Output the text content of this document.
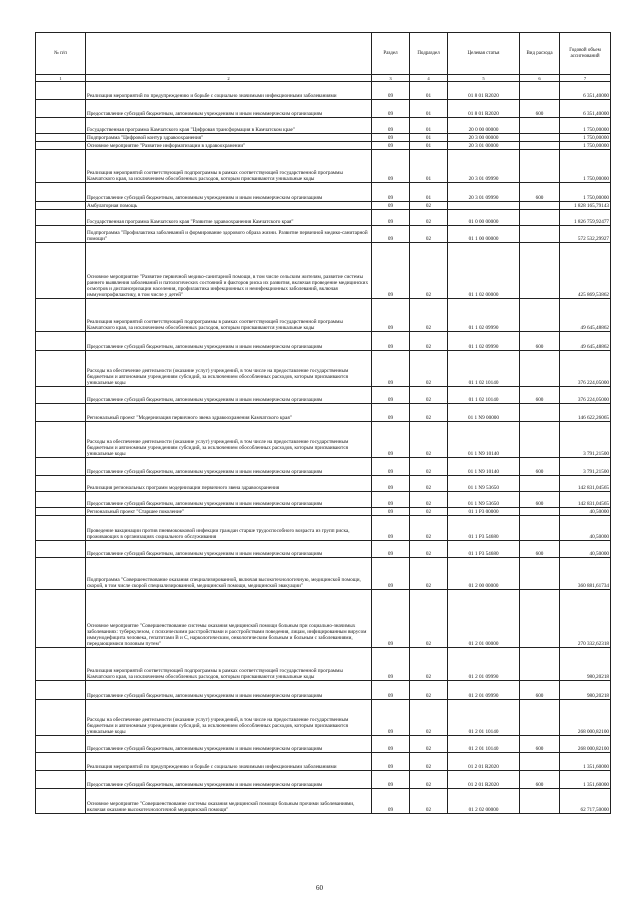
№ п/п		Раздел	Подраздел	Целевая статья	Вид расхода	Годовой объем ассигнований
1	2	3	4	5	6	7
	Реализация мероприятий по предупреждению и борьбе с социально значимыми инфекционными заболеваниями	09	01	01 8 01 R2020		6 351,40000
	Предоставление субсидий бюджетным, автономным учреждениям и иным некоммерческим организациям	09	01	01 8 01 R2020	600	6 351,40000
	Государственная программа Камчатского края "Цифровая трансформация в Камчатском крае"	09	01	20 0 00 00000		1 750,00000
	Подпрограмма "Цифровой контур здравоохранения"	09	01	20 3 00 00000		1 750,00000
	Основное мероприятие "Развитие информатизации в здравоохранении"	09	01	20 3 01 00000		1 750,00000
	Реализация мероприятий соответствующей подпрограммы в рамках соответствующей государственной программы Камчатского края, за исключением обособленных расходов, которым присваиваются уникальные коды	09	01	20 3 01 09990		1 750,00000
	Предоставление субсидий бюджетным, автономным учреждениям и иным некоммерческим организациям	09	01	20 3 01 09990	600	1 750,00000
	Амбулаторная помощь	09	02			1 828 165,79143
	Государственная программа Камчатского края "Развитие здравоохранения Камчатского края"	09	02	01 0 00 00000		1 826 759,92477
	Подпрограмма "Профилактика заболеваний и формирование здорового образа жизни. Развитие первичной медико-санитарной помощи"	09	02	01 1 00 00000		572 532,29927
	Основное мероприятие "Развитие первичной медико-санитарной помощи, в том числе сельским жителям, развитие системы раннего выявления заболеваний и патологических состояний и факторов риска их развития, включая проведение медицинских осмотров и диспансеризации населения, профилактика инфекционных и неинфекционных заболеваний, включая иммунопрофилактику, в том числе у детей"	09	02	01 1 02 00000		425 869,53862
	Реализация мероприятий соответствующей подпрограммы в рамках соответствующей государственной программы Камчатского края, за исключением обособленных расходов, которым присваиваются уникальные коды	09	02	01 1 02 09990		49 645,48862
	Предоставление субсидий бюджетным, автономным учреждениям и иным некоммерческим организациям	09	02	01 1 02 09990	600	49 645,48862
	Расходы на обеспечение деятельности (оказание услуг) учреждений, в том числе на предоставление государственным бюджетным и автономным учреждениям субсидий, за исключением обособленных расходов, которым присваиваются уникальные коды	09	02	01 1 02 10140		376 224,05000
	Предоставление субсидий бюджетным, автономным учреждениям и иным некоммерческим организациям	09	02	01 1 02 10140	600	376 224,05000
	Региональный проект "Модернизация первичного звена здравоохранения Камчатского края"	09	02	01 1 N9 00000		146 622,26065
	Расходы на обеспечение деятельности (оказание услуг) учреждений, в том числе на предоставление государственным бюджетным и автономным учреждениям субсидий, за исключением обособленных расходов, которым присваиваются уникальные коды	09	02	01 1 N9 10140		3 791,21500
	Предоставление субсидий бюджетным, автономным учреждениям и иным некоммерческим организациям	09	02	01 1 N9 10140	600	3 791,21500
	Реализация региональных программ модернизации первичного звена здравоохранения	09	02	01 1 N9 53650		142 831,04565
	Предоставление субсидий бюджетным, автономным учреждениям и иным некоммерческим организациям	09	02	01 1 N9 53650	600	142 831,04565
	Региональный проект "Старшее поколение"	09	02	01 1 P3 00000		40,50000
	Проведение вакцинации против пневмококковой инфекции граждан старше трудоспособного возраста из групп риска, проживающих в организациях социального обслуживания	09	02	01 1 P3 54680		40,50000
	Предоставление субсидий бюджетным, автономным учреждениям и иным некоммерческим организациям	09	02	01 1 P3 54680	600	40,50000
	Подпрограмма "Совершенствование оказания специализированной, включая высокотехнологичную, медицинской помощи, скорой, в том числе скорой специализированной, медицинской помощи, медицинской эвакуации"	09	02	01 2 00 00000		360 881,61734
	Основное мероприятие "Совершенствование системы оказания медицинской помощи больным при социально-значимых заболеваниях: туберкулезом, с психическими расстройствами и расстройствами поведения, лицам, инфицированным вирусом иммунодефицита человека, гепатитами В и С, наркологическим, онкологическим больным и больным с заболеваниями, передающимися половым путем"	09	02	01 2 01 00000		270 332,62318
	Реализация мероприятий соответствующей подпрограммы в рамках соответствующей государственной программы Камчатского края, за исключением обособленных расходов, которым присваиваются уникальные коды	09	02	01 2 01 09990		980,20218
	Предоставление субсидий бюджетным, автономным учреждениям и иным некоммерческим организациям	09	02	01 2 01 09990	600	980,20218
	Расходы на обеспечение деятельности (оказание услуг) учреждений, в том числе на предоставление государственным бюджетным и автономным учреждениям субсидий, за исключением обособленных расходов, которым присваиваются уникальные коды	09	02	01 2 01 10140		268 000,82100
	Предоставление субсидий бюджетным, автономным учреждениям и иным некоммерческим организациям	09	02	01 2 01 10140	600	268 000,82100
	Реализация мероприятий по предупреждению и борьбе с социально значимыми инфекционными заболеваниями	09	02	01 2 01 R2020		1 351,60000
	Предоставление субсидий бюджетным, автономным учреждениям и иным некоммерческим организациям	09	02	01 2 01 R2020	600	1 351,60000
	Основное мероприятие "Совершенствование системы оказания медицинской помощи больным прочими заболеваниями, включая оказание высокотехнологичной медицинской помощи"	09	02	01 2 02 00000		62 717,50000
60
